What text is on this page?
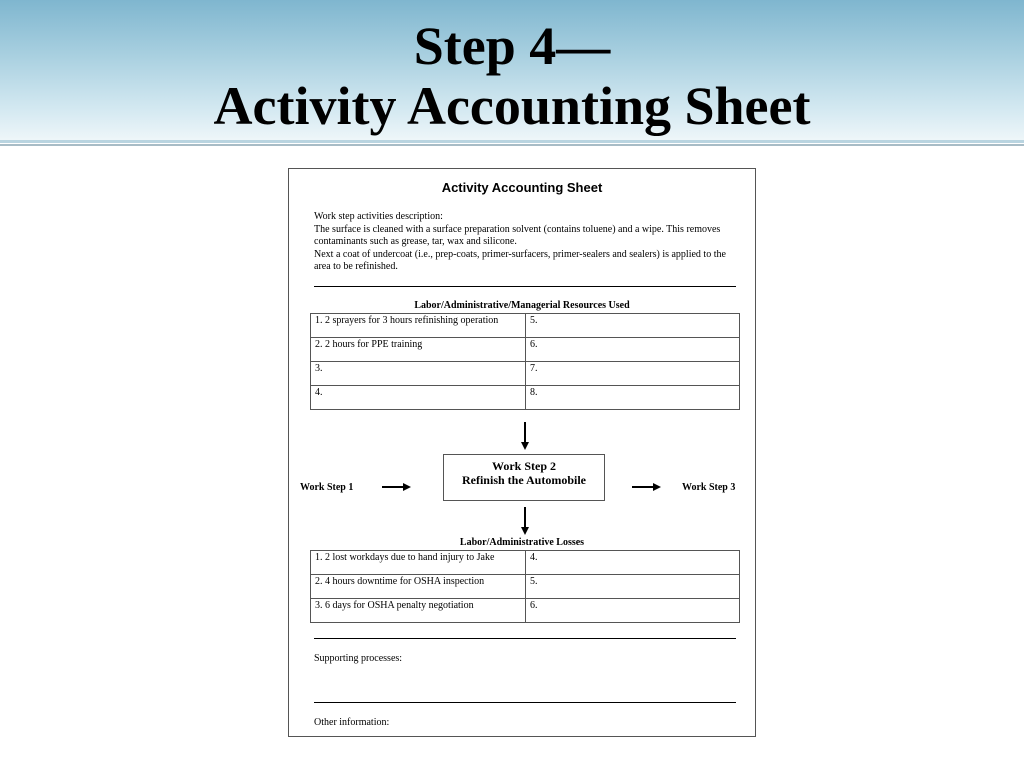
Step 4—
Activity Accounting Sheet
Activity Accounting Sheet
Work step activities description:
The surface is cleaned with a surface preparation solvent (contains toluene) and a wipe. This removes contaminants such as grease, tar, wax and silicone.
Next a coat of undercoat (i.e., prep-coats, primer-surfacers, primer-sealers and sealers) is applied to the area to be refinished.
Labor/Administrative/Managerial Resources Used
1. 2 sprayers for 3 hours refinishing operation	5.
2. 2 hours for PPE training	6.
3.	7.
4.	8.
Work Step 1
Work Step 2
Refinish the Automobile
Work Step 3
Labor/Administrative Losses
1. 2 lost workdays due to hand injury to Jake	4.
2. 4 hours downtime for OSHA inspection	5.
3. 6 days for OSHA penalty negotiation	6.
Supporting processes:
Other information:
